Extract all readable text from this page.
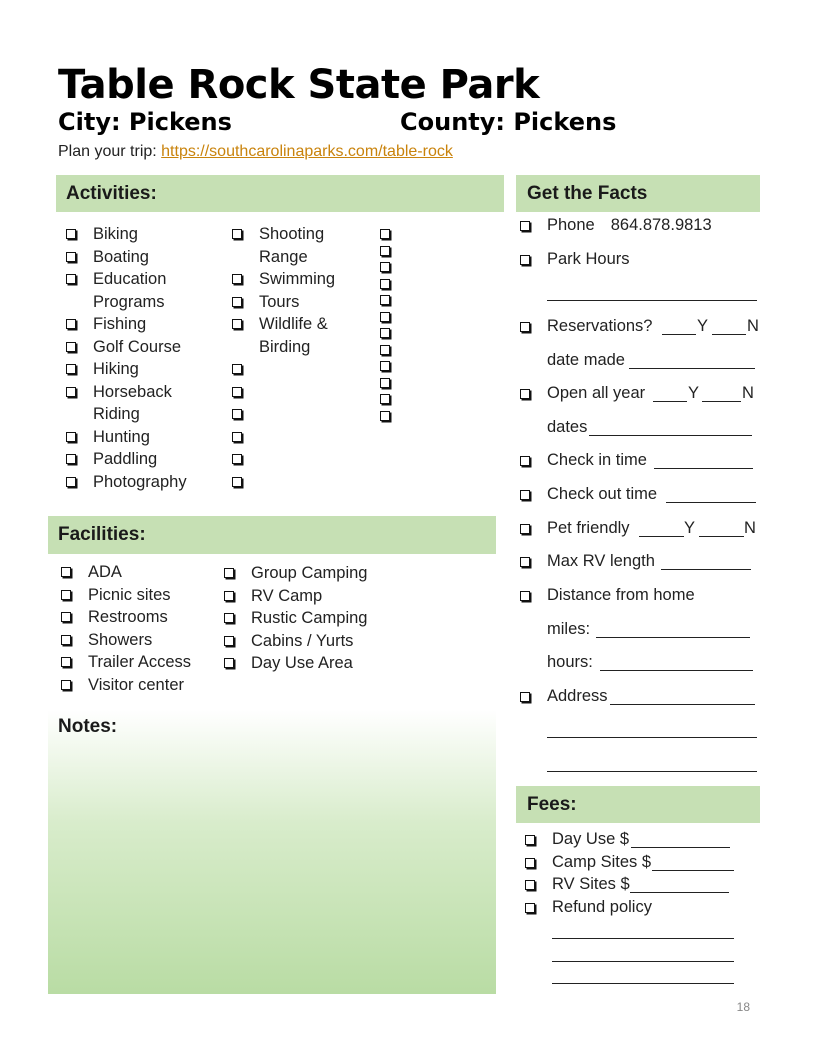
Table Rock State Park
City: Pickens	County: Pickens
Plan your trip: https://southcarolinaparks.com/table-rock
Activities:
Biking
Boating
Education
Programs
Fishing
Golf Course
Hiking
Horseback
Riding
Hunting
Paddling
Photography
Shooting
Range
Swimming
Tours
Wildlife &
Birding

Facilities:
ADA
Picnic sites
Restrooms
Showers
Trailer Access
Visitor center
Group Camping
RV Camp
Rustic Camping
Cabins / Yurts
Day Use Area
Notes:
Get the Facts
Phone 864.878.9813
Park Hours
Reservations?	Y N
date made
Open all year	Y	N
dates
Check in time
Check out time
Pet friendly	Y	N
Max RV length
Distance from home
miles:
hours:
Address
Fees:
Day Use $
Camp Sites $
RV Sites $
Refund policy
18
